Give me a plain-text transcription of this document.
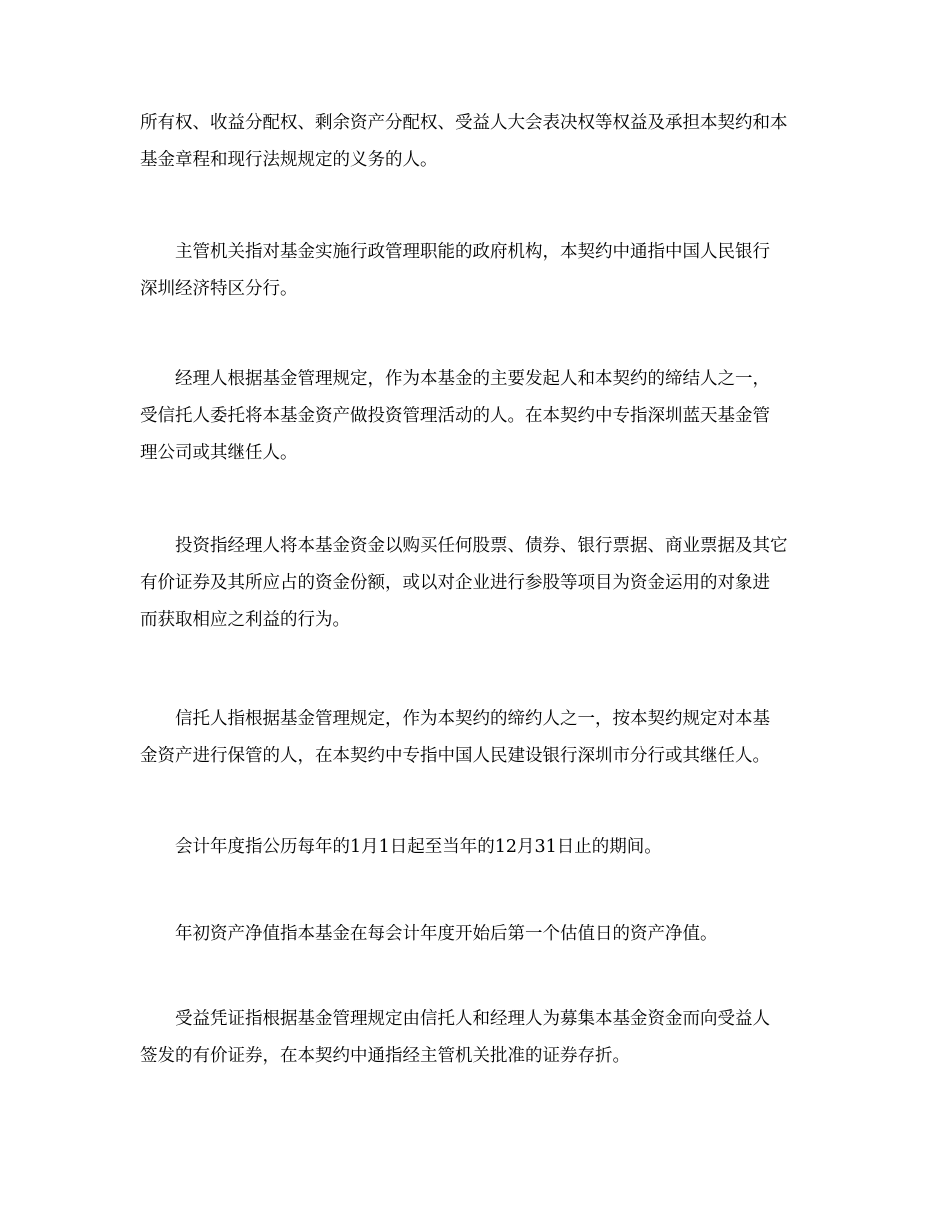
所有权、收益分配权、剩余资产分配权、受益人大会表决权等权益及承担本契约和本
基金章程和现行法规规定的义务的人。

主管机关指对基金实施行政管理职能的政府机构，本契约中通指中国人民银行
深圳经济特区分行。

经理人根据基金管理规定，作为本基金的主要发起人和本契约的缔结人之一，
受信托人委托将本基金资产做投资管理活动的人。在本契约中专指深圳蓝天基金管
理公司或其继任人。

投资指经理人将本基金资金以购买任何股票、债券、银行票据、商业票据及其它
有价证券及其所应占的资金份额，或以对企业进行参股等项目为资金运用的对象进
而获取相应之利益的行为。

信托人指根据基金管理规定，作为本契约的缔约人之一，按本契约规定对本基
金资产进行保管的人，在本契约中专指中国人民建设银行深圳市分行或其继任人。

会计年度指公历每年的1月1日起至当年的12月31日止的期间。

年初资产净值指本基金在每会计年度开始后第一个估值日的资产净值。

受益凭证指根据基金管理规定由信托人和经理人为募集本基金资金而向受益人
签发的有价证券，在本契约中通指经主管机关批准的证券存折。
